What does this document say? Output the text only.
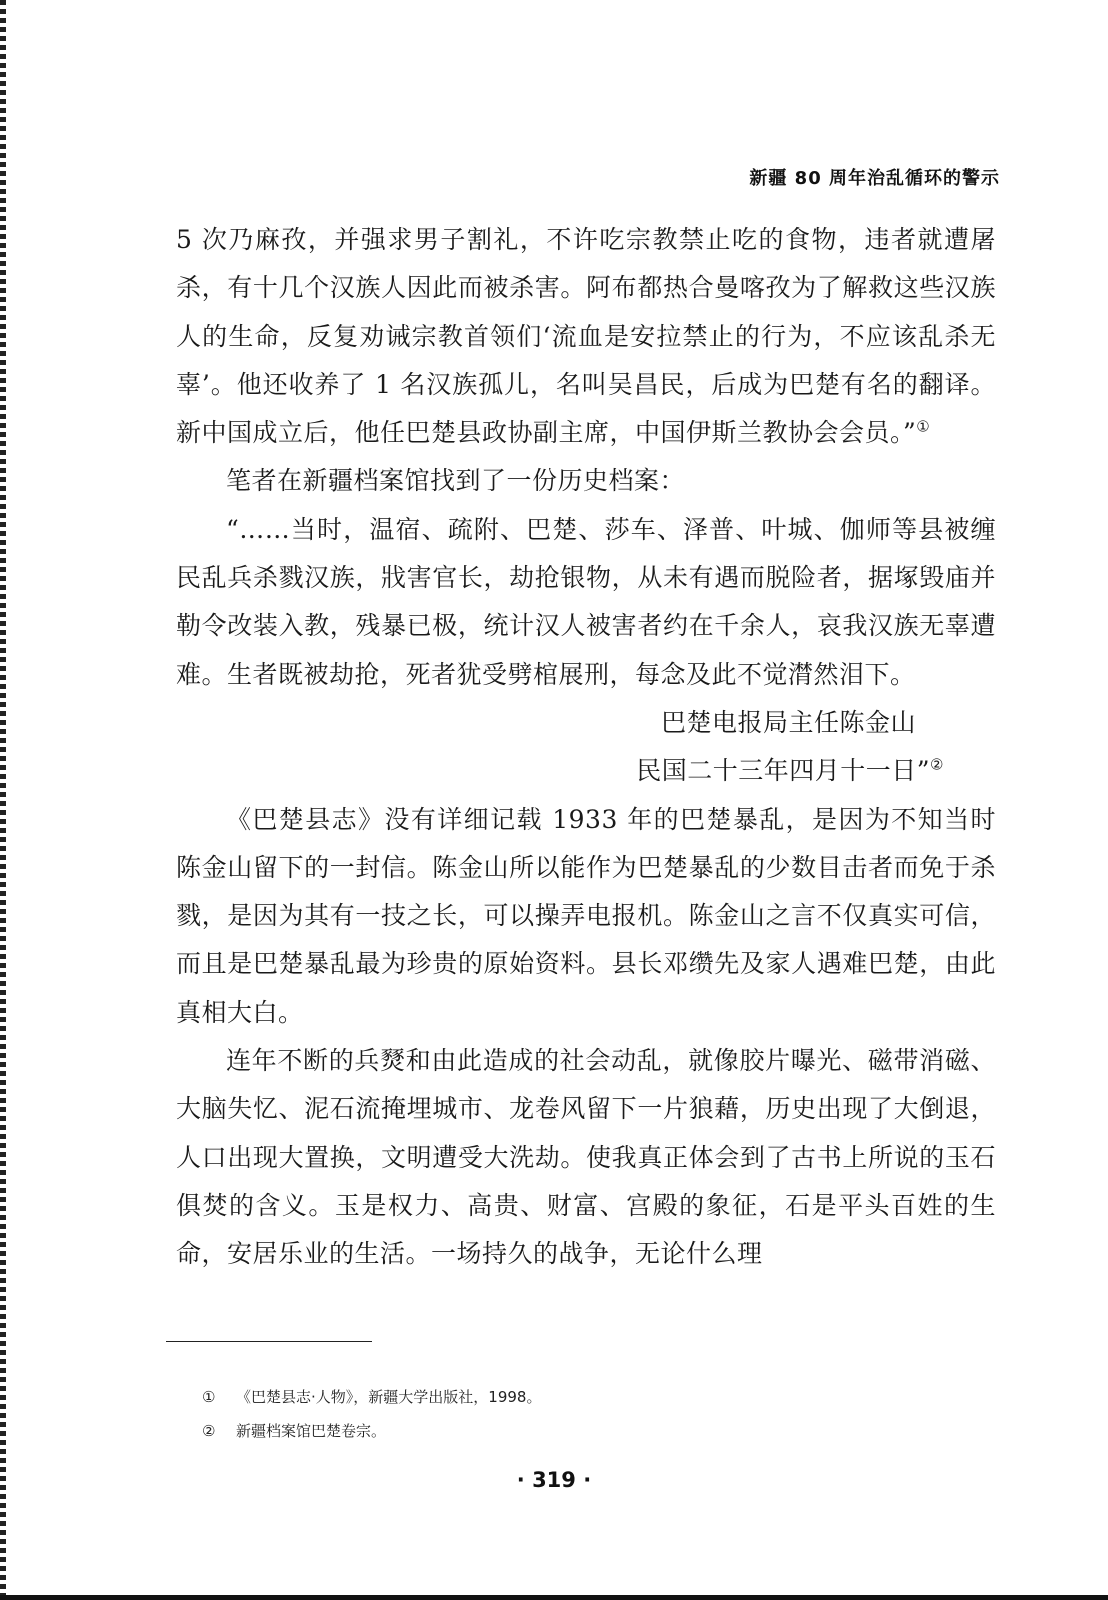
新疆 80 周年治乱循环的警示

5 次乃麻孜，并强求男子割礼，不许吃宗教禁止吃的食物，违者就遭屠杀，有十几个汉族人因此而被杀害。阿布都热合曼喀孜为了解救这些汉族人的生命，反复劝诫宗教首领们‘流血是安拉禁止的行为，不应该乱杀无辜’。他还收养了 1 名汉族孤儿，名叫吴昌民，后成为巴楚有名的翻译。新中国成立后，他任巴楚县政协副主席，中国伊斯兰教协会会员。”①

笔者在新疆档案馆找到了一份历史档案：

“……当时，温宿、疏附、巴楚、莎车、泽普、叶城、伽师等县被缠民乱兵杀戮汉族，戕害官长，劫抢银物，从未有遇而脱险者，据塚毁庙并勒令改装入教，残暴已极，统计汉人被害者约在千余人，哀我汉族无辜遭难。生者既被劫抢，死者犹受劈棺展刑，每念及此不觉潸然泪下。

巴楚电报局主任陈金山

民国二十三年四月十一日”②

《巴楚县志》没有详细记载 1933 年的巴楚暴乱，是因为不知当时陈金山留下的一封信。陈金山所以能作为巴楚暴乱的少数目击者而免于杀戮，是因为其有一技之长，可以操弄电报机。陈金山之言不仅真实可信，而且是巴楚暴乱最为珍贵的原始资料。县长邓缵先及家人遇难巴楚，由此真相大白。

连年不断的兵燹和由此造成的社会动乱，就像胶片曝光、磁带消磁、大脑失忆、泥石流掩埋城市、龙卷风留下一片狼藉，历史出现了大倒退，人口出现大置换，文明遭受大洗劫。使我真正体会到了古书上所说的玉石俱焚的含义。玉是权力、高贵、财富、宫殿的象征，石是平头百姓的生命，安居乐业的生活。一场持久的战争，无论什么理

① 《巴楚县志·人物》，新疆大学出版社，1998。
② 新疆档案馆巴楚卷宗。
· 319 ·
